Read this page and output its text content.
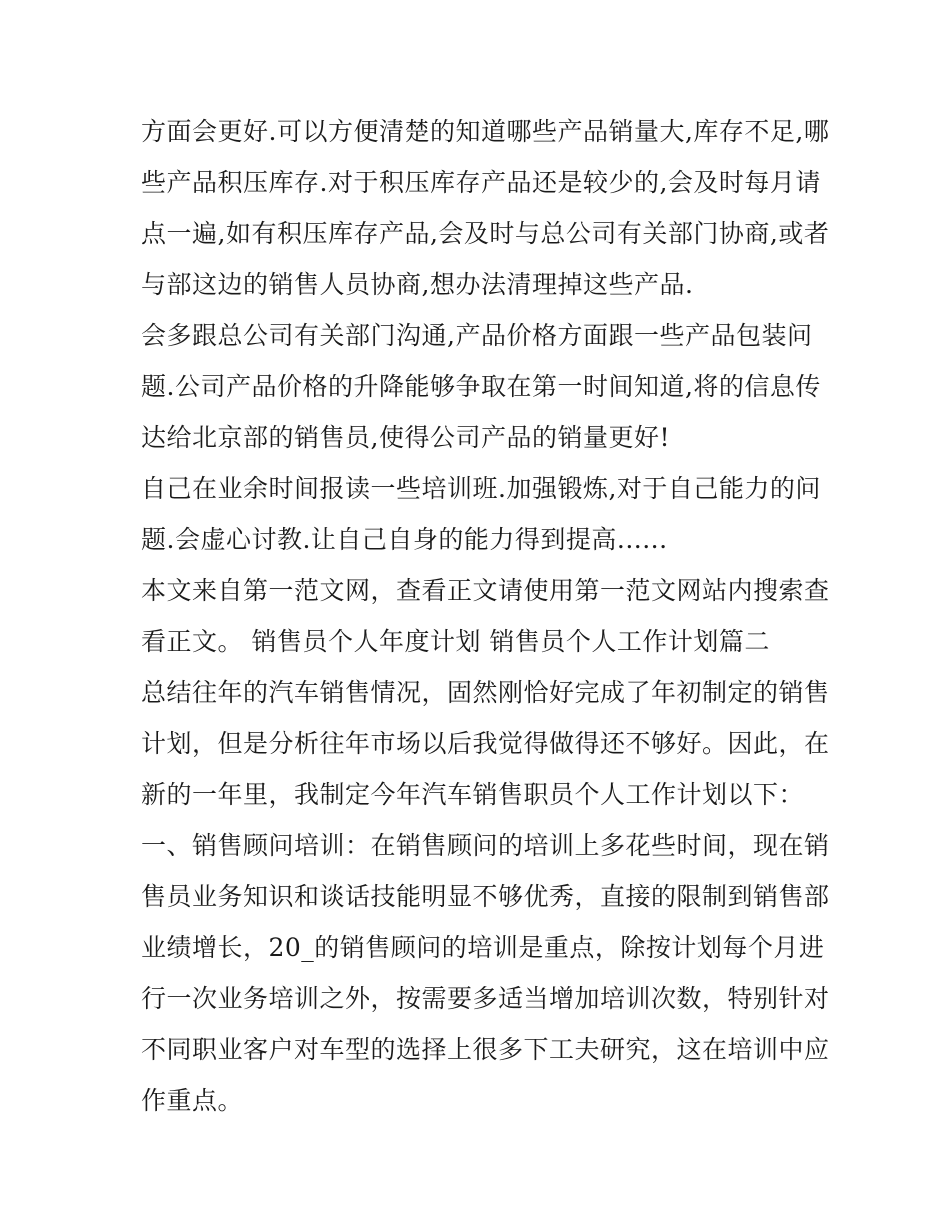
方面会更好.可以方便清楚的知道哪些产品销量大,库存不足,哪
些产品积压库存.对于积压库存产品还是较少的,会及时每月请
点一遍,如有积压库存产品,会及时与总公司有关部门协商,或者
与部这边的销售人员协商,想办法清理掉这些产品.
会多跟总公司有关部门沟通,产品价格方面跟一些产品包装问
题.公司产品价格的升降能够争取在第一时间知道,将的信息传
达给北京部的销售员,使得公司产品的销量更好!
自己在业余时间报读一些培训班.加强锻炼,对于自己能力的问
题.会虚心讨教.让自己自身的能力得到提高......
本文来自第一范文网，查看正文请使用第一范文网站内搜索查
看正文。 销售员个人年度计划 销售员个人工作计划篇二
总结往年的汽车销售情况，固然刚恰好完成了年初制定的销售
计划，但是分析往年市场以后我觉得做得还不够好。因此，在
新的一年里，我制定今年汽车销售职员个人工作计划以下：
一、销售顾问培训：在销售顾问的培训上多花些时间，现在销
售员业务知识和谈话技能明显不够优秀，直接的限制到销售部
业绩增长，20_的销售顾问的培训是重点，除按计划每个月进
行一次业务培训之外，按需要多适当增加培训次数，特别针对
不同职业客户对车型的选择上很多下工夫研究，这在培训中应
作重点。
